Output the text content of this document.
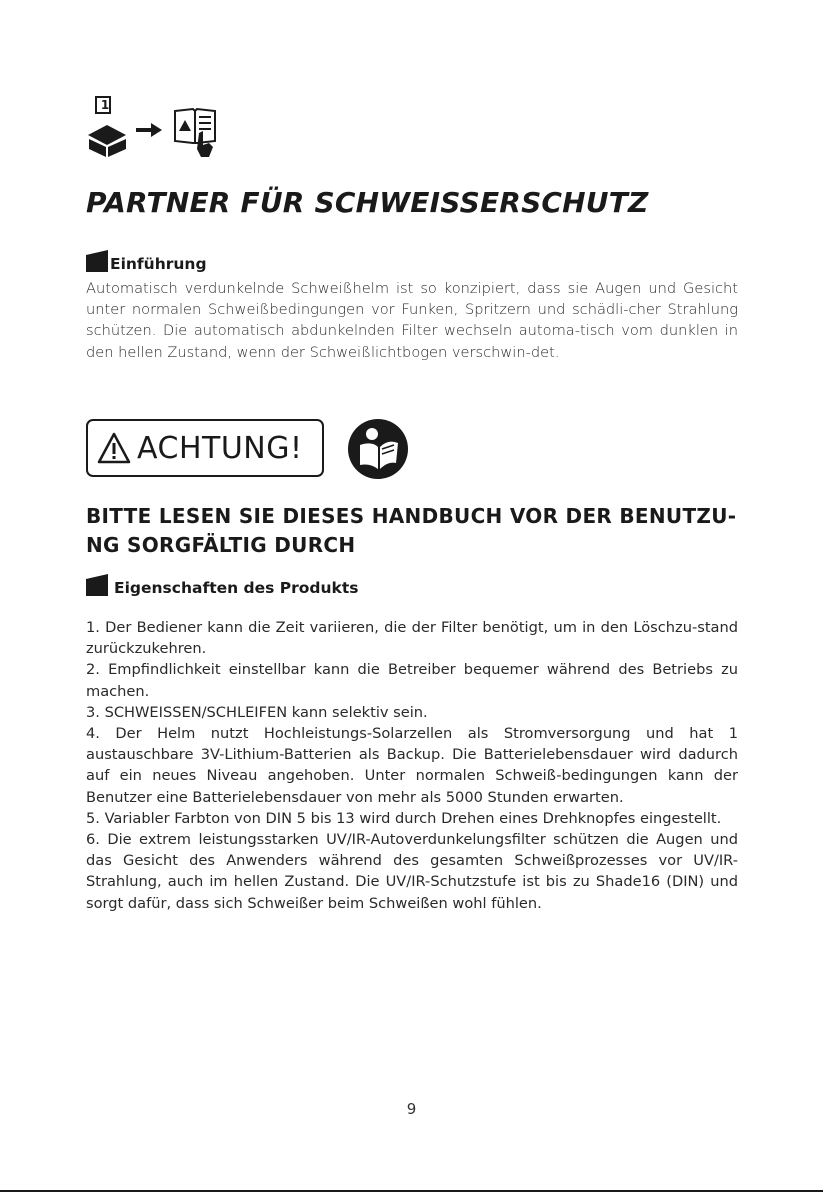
1
PARTNER FÜR SCHWEISSERSCHUTZ
Einführung

Automatisch verdunkelnde Schweißhelm ist so konzipiert, dass sie Augen und Gesicht unter normalen Schweißbedingungen vor Funken, Spritzern und schädli-cher Strahlung schützen. Die automatisch abdunkelnden Filter wechseln automa-tisch vom dunklen in den hellen Zustand, wenn der Schweißlichtbogen verschwin-det.

ACHTUNG!
BITTE LESEN SIE DIESES HANDBUCH VOR DER BENUTZU-NG SORGFÄLTIG DURCH
Eigenschaften des Produkts
1. Der Bediener kann die Zeit variieren, die der Filter benötigt, um in den Löschzu-stand zurückzukehren.
2. Empfindlichkeit einstellbar kann die Betreiber bequemer während des Betriebs zu machen.
3. SCHWEISSEN/SCHLEIFEN kann selektiv sein.
4. Der Helm nutzt Hochleistungs-Solarzellen als Stromversorgung und hat 1 austauschbare 3V-Lithium-Batterien als Backup. Die Batterielebensdauer wird dadurch auf ein neues Niveau angehoben. Unter normalen Schweiß-bedingungen kann der Benutzer eine Batterielebensdauer von mehr als 5000 Stunden erwarten.
5. Variabler Farbton von DIN 5 bis 13 wird durch Drehen eines Drehknopfes eingestellt.
6. Die extrem leistungsstarken UV/IR-Autoverdunkelungsfilter schützen die Augen und das Gesicht des Anwenders während des gesamten Schweißprozesses vor UV/IR-Strahlung, auch im hellen Zustand. Die UV/IR-Schutzstufe ist bis zu Shade16 (DIN) und sorgt dafür, dass sich Schweißer beim Schweißen wohl fühlen.
9
